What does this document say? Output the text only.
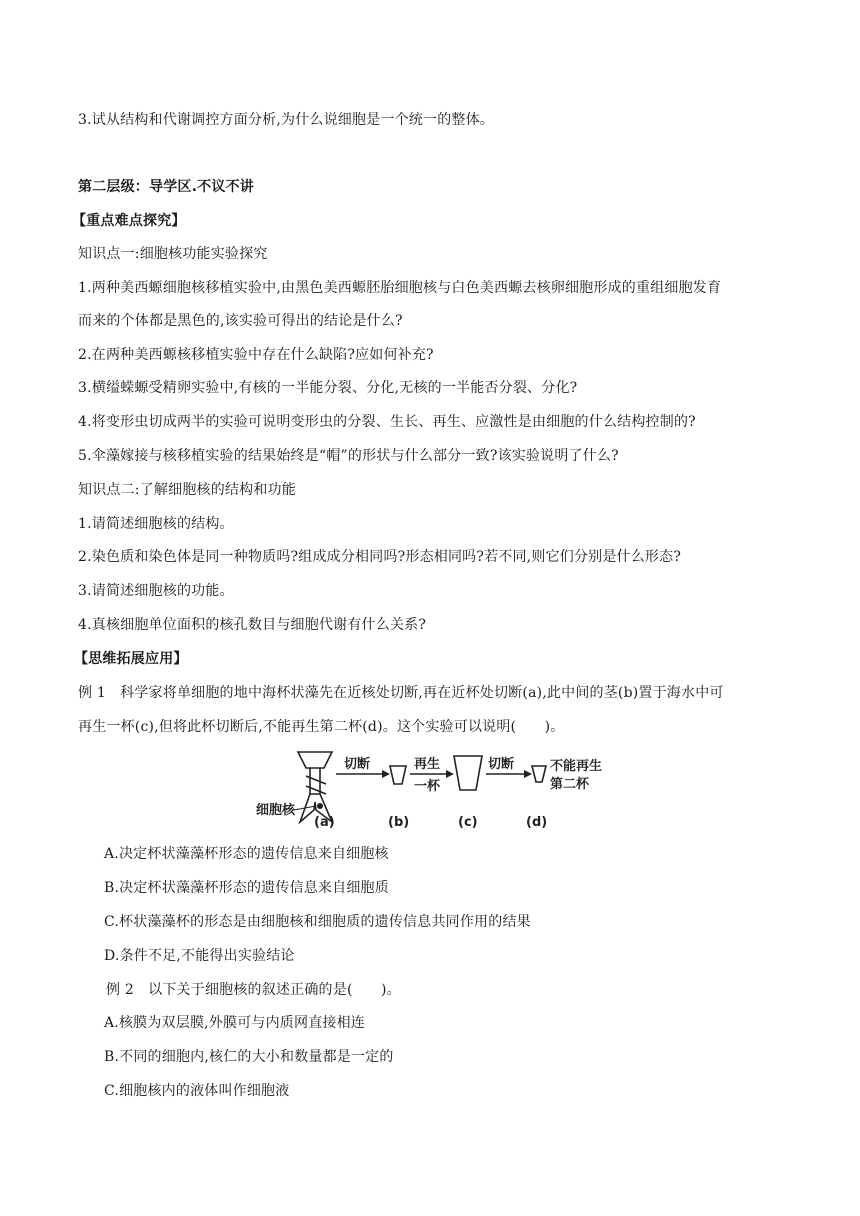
3.试从结构和代谢调控方面分析,为什么说细胞是一个统一的整体。
第二层级：导学区.不议不讲
【重点难点探究】
知识点一:细胞核功能实验探究
1.两种美西螈细胞核移植实验中,由黑色美西螈胚胎细胞核与白色美西螈去核卵细胞形成的重组细胞发育
而来的个体都是黑色的,该实验可得出的结论是什么?
2.在两种美西螈核移植实验中存在什么缺陷?应如何补充?
3.横缢蝾螈受精卵实验中,有核的一半能分裂、分化,无核的一半能否分裂、分化?
4.将变形虫切成两半的实验可说明变形虫的分裂、生长、再生、应激性是由细胞的什么结构控制的?
5.伞藻嫁接与核移植实验的结果始终是“帽”的形状与什么部分一致?该实验说明了什么?
知识点二:了解细胞核的结构和功能
1.请简述细胞核的结构。
2.染色质和染色体是同一种物质吗?组成成分相同吗?形态相同吗?若不同,则它们分别是什么形态?
3.请简述细胞核的功能。
4.真核细胞单位面积的核孔数目与细胞代谢有什么关系?
【思维拓展应用】
例 1　科学家将单细胞的地中海杯状藻先在近核处切断,再在近杯处切断(a),此中间的茎(b)置于海水中可
再生一杯(c),但将此杯切断后,不能再生第二杯(d)。这个实验可以说明(　　)。
细胞核
切断	再生
一杯
切断	不能再生
第二杯
(a)	(b)	(c)	(d)
A.决定杯状藻藻杯形态的遗传信息来自细胞核
B.决定杯状藻藻杯形态的遗传信息来自细胞质
C.杯状藻藻杯的形态是由细胞核和细胞质的遗传信息共同作用的结果
D.条件不足,不能得出实验结论
例 2　以下关于细胞核的叙述正确的是(　　)。
A.核膜为双层膜,外膜可与内质网直接相连
B.不同的细胞内,核仁的大小和数量都是一定的
C.细胞核内的液体叫作细胞液
